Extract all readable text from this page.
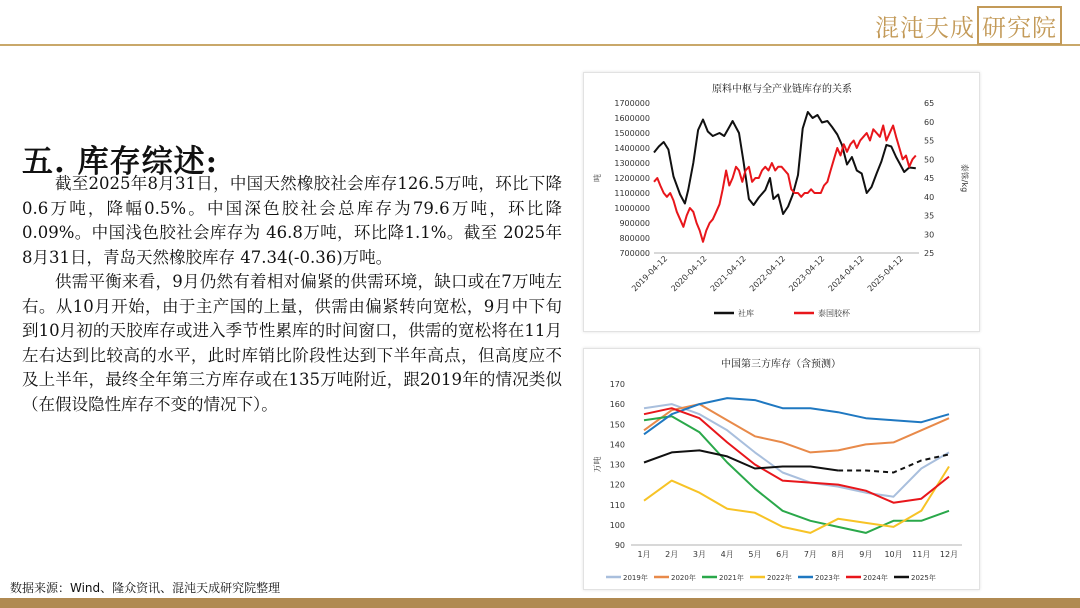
混沌天成 研究院
五. 库存综述:

截至2025年8月31日，中国天然橡胶社会库存126.5万吨，环比下降0.6万吨，降幅0.5%。中国深色胶社会总库存为79.6万吨，环比降0.09%。中国浅色胶社会库存为 46.8万吨，环比降1.1%。截至 2025年8月31日，青岛天然橡胶库存 47.34(-0.36)万吨。

供需平衡来看，9月仍然有着相对偏紧的供需环境，缺口或在7万吨左右。从10月开始，由于主产国的上量，供需由偏紧转向宽松，9月中下旬到10月初的天胶库存或进入季节性累库的时间窗口，供需的宽松将在11月左右达到比较高的水平，此时库销比阶段性达到下半年高点，但高度应不及上半年，最终全年第三方库存或在135万吨附近，跟2019年的情况类似（在假设隐性库存不变的情况下）。

原料中枢与全产业链库存的关系
700000
800000
900000
1000000
1100000
1200000
1300000
1400000
1500000
1600000
1700000
25
30
35
40
45
50
55
60
65
吨	泰铢/kg
2019-04-12 2020-04-12 2021-04-12 2022-04-12 2023-04-12 2024-04-12 2025-04-12
社库	泰国胶杯
中国第三方库存（含预测）
90
100
110
120
130
140
150
160
170
万吨
1月 2月 3月 4月 5月 6月 7月 8月 9月 10月 11月 12月
2019年	2020年	2021年	2022年	2023年	2024年	2025年
数据来源：Wind、隆众资讯、混沌天成研究院整理
